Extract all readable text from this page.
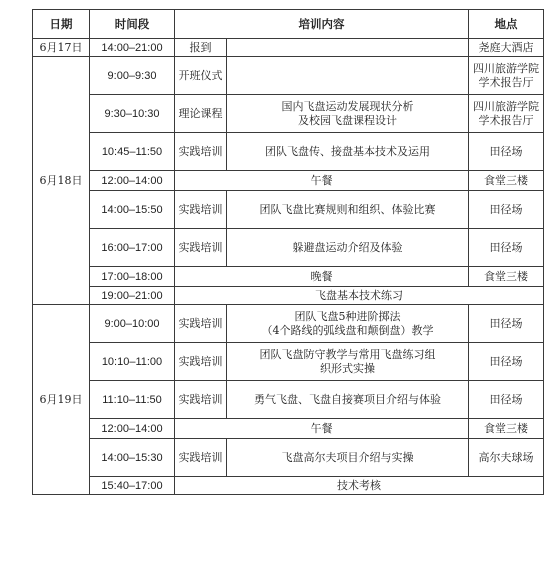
日期	时间段	培训内容		地点

6月17日	14:00–21:00	报到		尧庭大酒店

6月18日	9:00–9:30	开班仪式		四川旅游学院
学术报告厅

	9:30–10:30	理论课程	国内飞盘运动发展现状分析
及校园飞盘课程设计	四川旅游学院
学术报告厅

	10:45–11:50	实践培训	团队飞盘传、接盘基本技术及运用	田径场

	12:00–14:00	午餐		食堂三楼

	14:00–15:50	实践培训	团队飞盘比赛规则和组织、体验比赛	田径场

	16:00–17:00	实践培训	躲避盘运动介绍及体验	田径场

	17:00–18:00	晚餐		食堂三楼

	19:00–21:00	飞盘基本技术练习		

6月19日	9:00–10:00	实践培训	团队飞盘5种进阶掷法
（4个路线的弧线盘和颠倒盘）教学	田径场

	10:10–11:00	实践培训	团队飞盘防守教学与常用飞盘练习组
织形式实操	田径场

	11:10–11:50	实践培训	勇气飞盘、飞盘自接赛项目介绍与体验	田径场

	12:00–14:00	午餐		食堂三楼

	14:00–15:30	实践培训	飞盘高尔夫项目介绍与实操	高尔夫球场

	15:40–17:00	技术考核		
